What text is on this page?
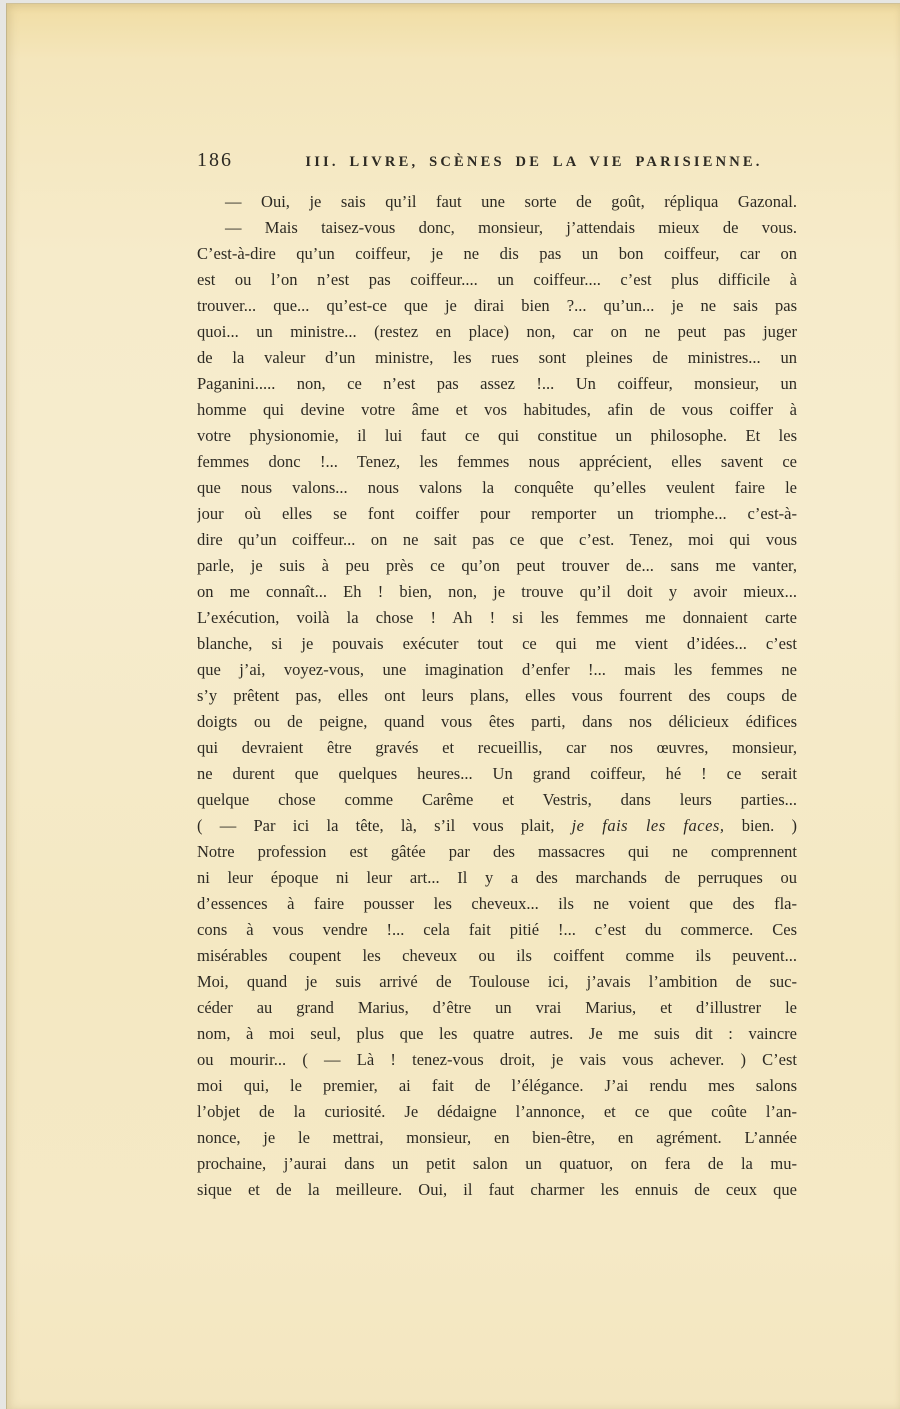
186	III. LIVRE, SCÈNES DE LA VIE PARISIENNE.
— Oui, je sais qu’il faut une sorte de goût, répliqua Gazonal.
— Mais taisez-vous donc, monsieur, j’attendais mieux de vous.
C’est-à-dire qu’un coiffeur, je ne dis pas un bon coiffeur, car on
est ou l’on n’est pas coiffeur.... un coiffeur.... c’est plus difficile à
trouver... que... qu’est-ce que je dirai bien ?... qu’un... je ne sais pas
quoi... un ministre... (restez en place) non, car on ne peut pas juger
de la valeur d’un ministre, les rues sont pleines de ministres... un
Paganini..... non, ce n’est pas assez !... Un coiffeur, monsieur, un
homme qui devine votre âme et vos habitudes, afin de vous coiffer à
votre physionomie, il lui faut ce qui constitue un philosophe. Et les
femmes donc !... Tenez, les femmes nous apprécient, elles savent ce
que nous valons... nous valons la conquête qu’elles veulent faire le
jour où elles se font coiffer pour remporter un triomphe... c’est-à-
dire qu’un coiffeur... on ne sait pas ce que c’est. Tenez, moi qui vous
parle, je suis à peu près ce qu’on peut trouver de... sans me vanter,
on me connaît... Eh ! bien, non, je trouve qu’il doit y avoir mieux...
L’exécution, voilà la chose ! Ah ! si les femmes me donnaient carte
blanche, si je pouvais exécuter tout ce qui me vient d’idées... c’est
que j’ai, voyez-vous, une imagination d’enfer !... mais les femmes ne
s’y prêtent pas, elles ont leurs plans, elles vous fourrent des coups de
doigts ou de peigne, quand vous êtes parti, dans nos délicieux édifices
qui devraient être gravés et recueillis, car nos œuvres, monsieur,
ne durent que quelques heures... Un grand coiffeur, hé ! ce serait
quelque chose comme Carême et Vestris, dans leurs parties...
( — Par ici la tête, là, s’il vous plait, je fais les faces, bien. )
Notre profession est gâtée par des massacres qui ne comprennent
ni leur époque ni leur art... Il y a des marchands de perruques ou
d’essences à faire pousser les cheveux... ils ne voient que des fla-
cons à vous vendre !... cela fait pitié !... c’est du commerce. Ces
misérables coupent les cheveux ou ils coiffent comme ils peuvent...
Moi, quand je suis arrivé de Toulouse ici, j’avais l’ambition de suc-
céder au grand Marius, d’être un vrai Marius, et d’illustrer le
nom, à moi seul, plus que les quatre autres. Je me suis dit : vaincre
ou mourir... ( — Là ! tenez-vous droit, je vais vous achever. ) C’est
moi qui, le premier, ai fait de l’élégance. J’ai rendu mes salons
l’objet de la curiosité. Je dédaigne l’annonce, et ce que coûte l’an-
nonce, je le mettrai, monsieur, en bien-être, en agrément. L’année
prochaine, j’aurai dans un petit salon un quatuor, on fera de la mu-
sique et de la meilleure. Oui, il faut charmer les ennuis de ceux que
